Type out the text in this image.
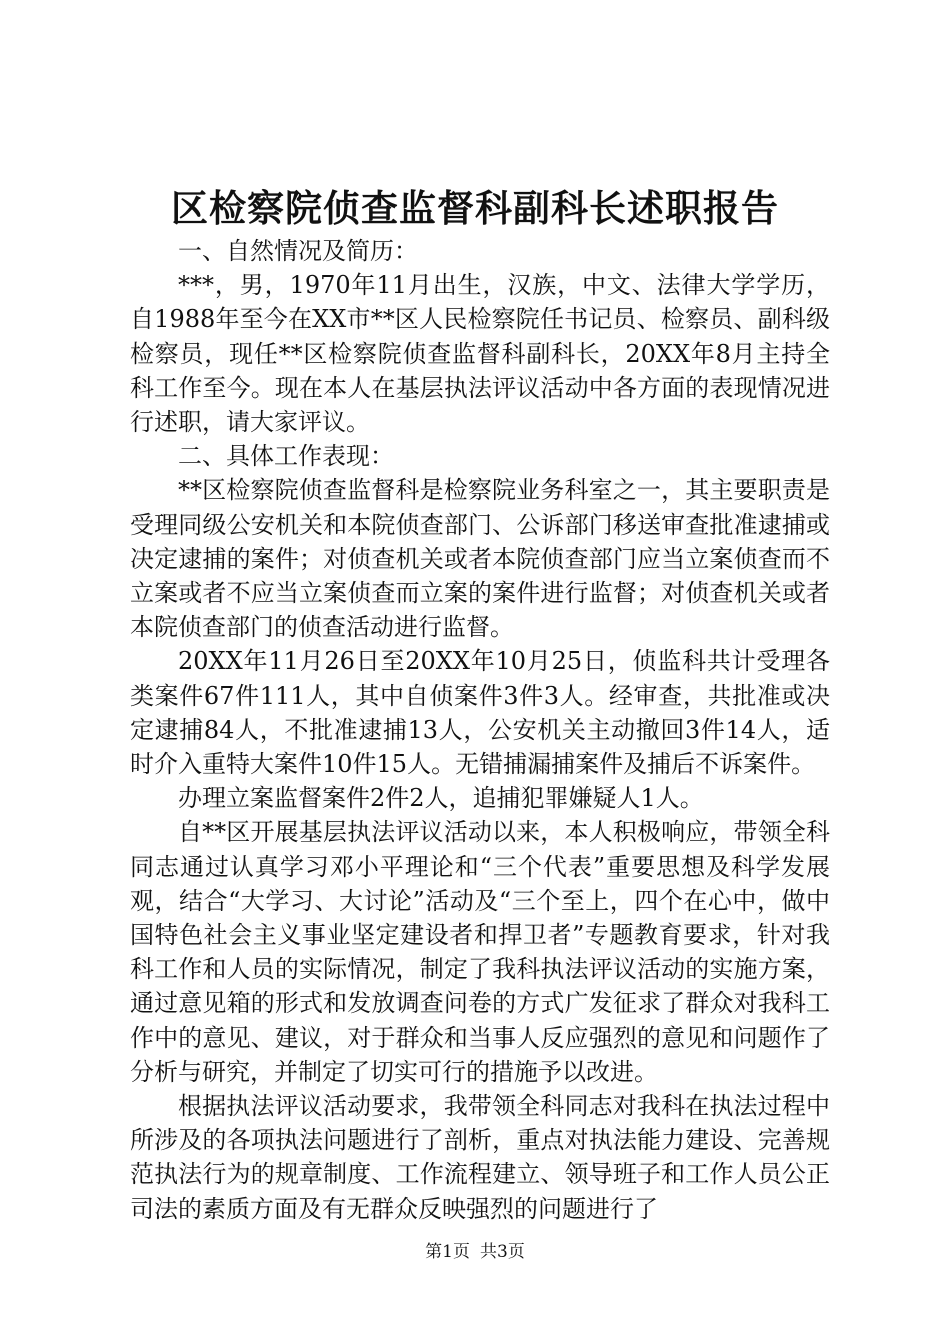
区检察院侦查监督科副科长述职报告

一、自然情况及简历：

***，男，1970年11月出生，汉族，中文、法律大学学历，自1988年至今在XX市**区人民检察院任书记员、检察员、副科级检察员，现任**区检察院侦查监督科副科长，20XX年8月主持全科工作至今。现在本人在基层执法评议活动中各方面的表现情况进行述职，请大家评议。

二、具体工作表现：

**区检察院侦查监督科是检察院业务科室之一，其主要职责是受理同级公安机关和本院侦查部门、公诉部门移送审查批准逮捕或决定逮捕的案件；对侦查机关或者本院侦查部门应当立案侦查而不立案或者不应当立案侦查而立案的案件进行监督；对侦查机关或者本院侦查部门的侦查活动进行监督。

20XX年11月26日至20XX年10月25日，侦监科共计受理各类案件67件111人，其中自侦案件3件3人。经审查，共批准或决定逮捕84人，不批准逮捕13人，公安机关主动撤回3件14人，适时介入重特大案件10件15人。无错捕漏捕案件及捕后不诉案件。

办理立案监督案件2件2人，追捕犯罪嫌疑人1人。

自**区开展基层执法评议活动以来，本人积极响应，带领全科同志通过认真学习邓小平理论和“三个代表”重要思想及科学发展观，结合“大学习、大讨论”活动及“三个至上，四个在心中，做中国特色社会主义事业坚定建设者和捍卫者”专题教育要求，针对我科工作和人员的实际情况，制定了我科执法评议活动的实施方案，通过意见箱的形式和发放调查问卷的方式广发征求了群众对我科工作中的意见、建议，对于群众和当事人反应强烈的意见和问题作了分析与研究，并制定了切实可行的措施予以改进。

根据执法评议活动要求，我带领全科同志对我科在执法过程中所涉及的各项执法问题进行了剖析，重点对执法能力建设、完善规范执法行为的规章制度、工作流程建立、领导班子和工作人员公正司法的素质方面及有无群众反映强烈的问题进行了

第1页 共3页
